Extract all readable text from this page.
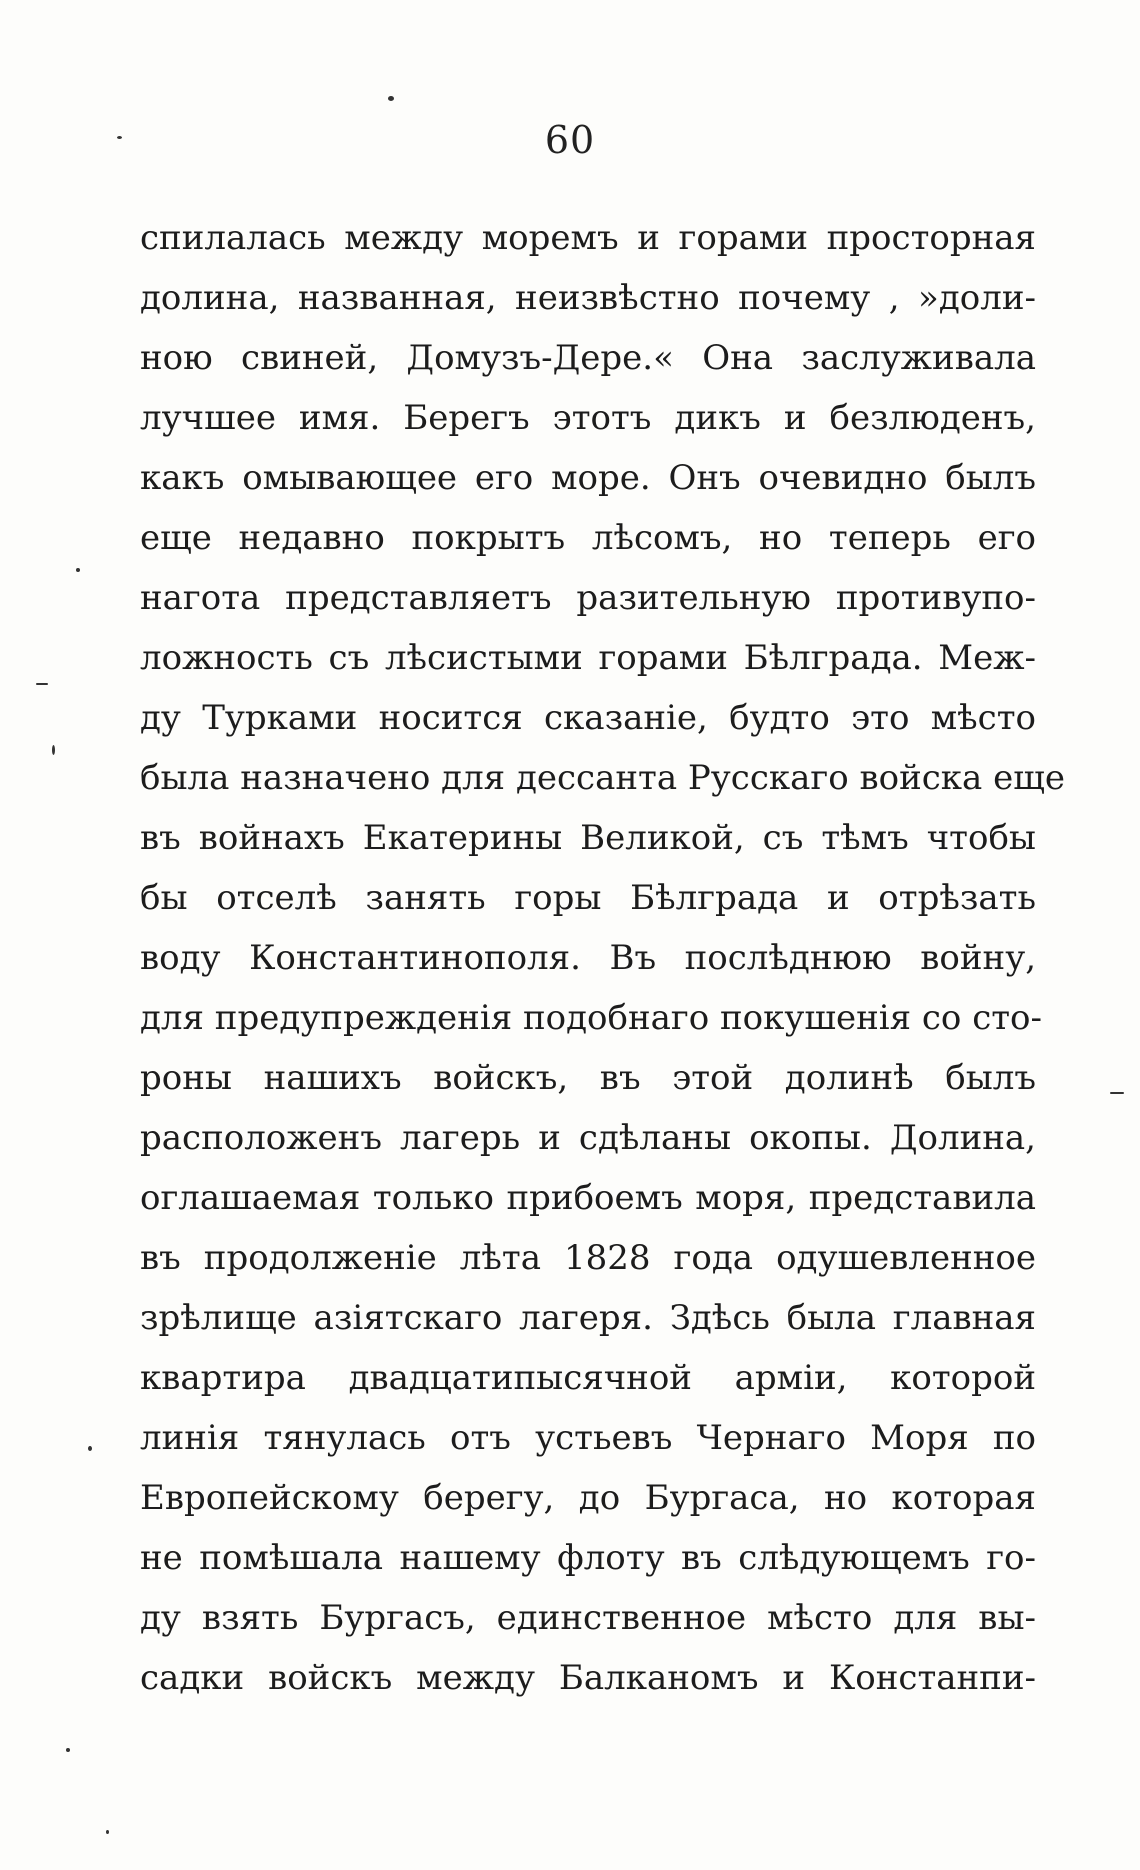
60
спилалась между моремъ и горами просторная
долина, названная, неизвѣстно почему , »доли-
ною свиней, Домузъ-Дере.« Она заслуживала
лучшее имя. Берегъ этотъ дикъ и безлюденъ,
какъ омывающее его море. Онъ очевидно былъ
еще недавно покрытъ лѣсомъ, но теперь его
нагота представляетъ разительную противупо-
ложность съ лѣсистыми горами Бѣлграда. Меж-
ду Турками носится сказаніе, будто это мѣсто
была назначено для дессанта Русскаго войска еще
въ войнахъ Екатерины Великой, съ тѣмъ чтобы
бы отселѣ занять горы Бѣлграда и отрѣзать
воду Константинополя. Въ послѣднюю войну,
для предупрежденія подобнаго покушенія со сто-
роны нашихъ войскъ, въ этой долинѣ былъ
расположенъ лагерь и сдѣланы окопы. Долина,
оглашаемая только прибоемъ моря, представила
въ продолженіе лѣта 1828 года одушевленное
зрѣлище азіятскаго лагеря. Здѣсь была главная
квартира двадцатипысячной арміи, которой
линія тянулась отъ устьевъ Чернаго Моря по
Европейскому берегу, до Бургаса, но которая
не помѣшала нашему флоту въ слѣдующемъ го-
ду взять Бургасъ, единственное мѣсто для вы-
садки войскъ между Балканомъ и Констанпи-
